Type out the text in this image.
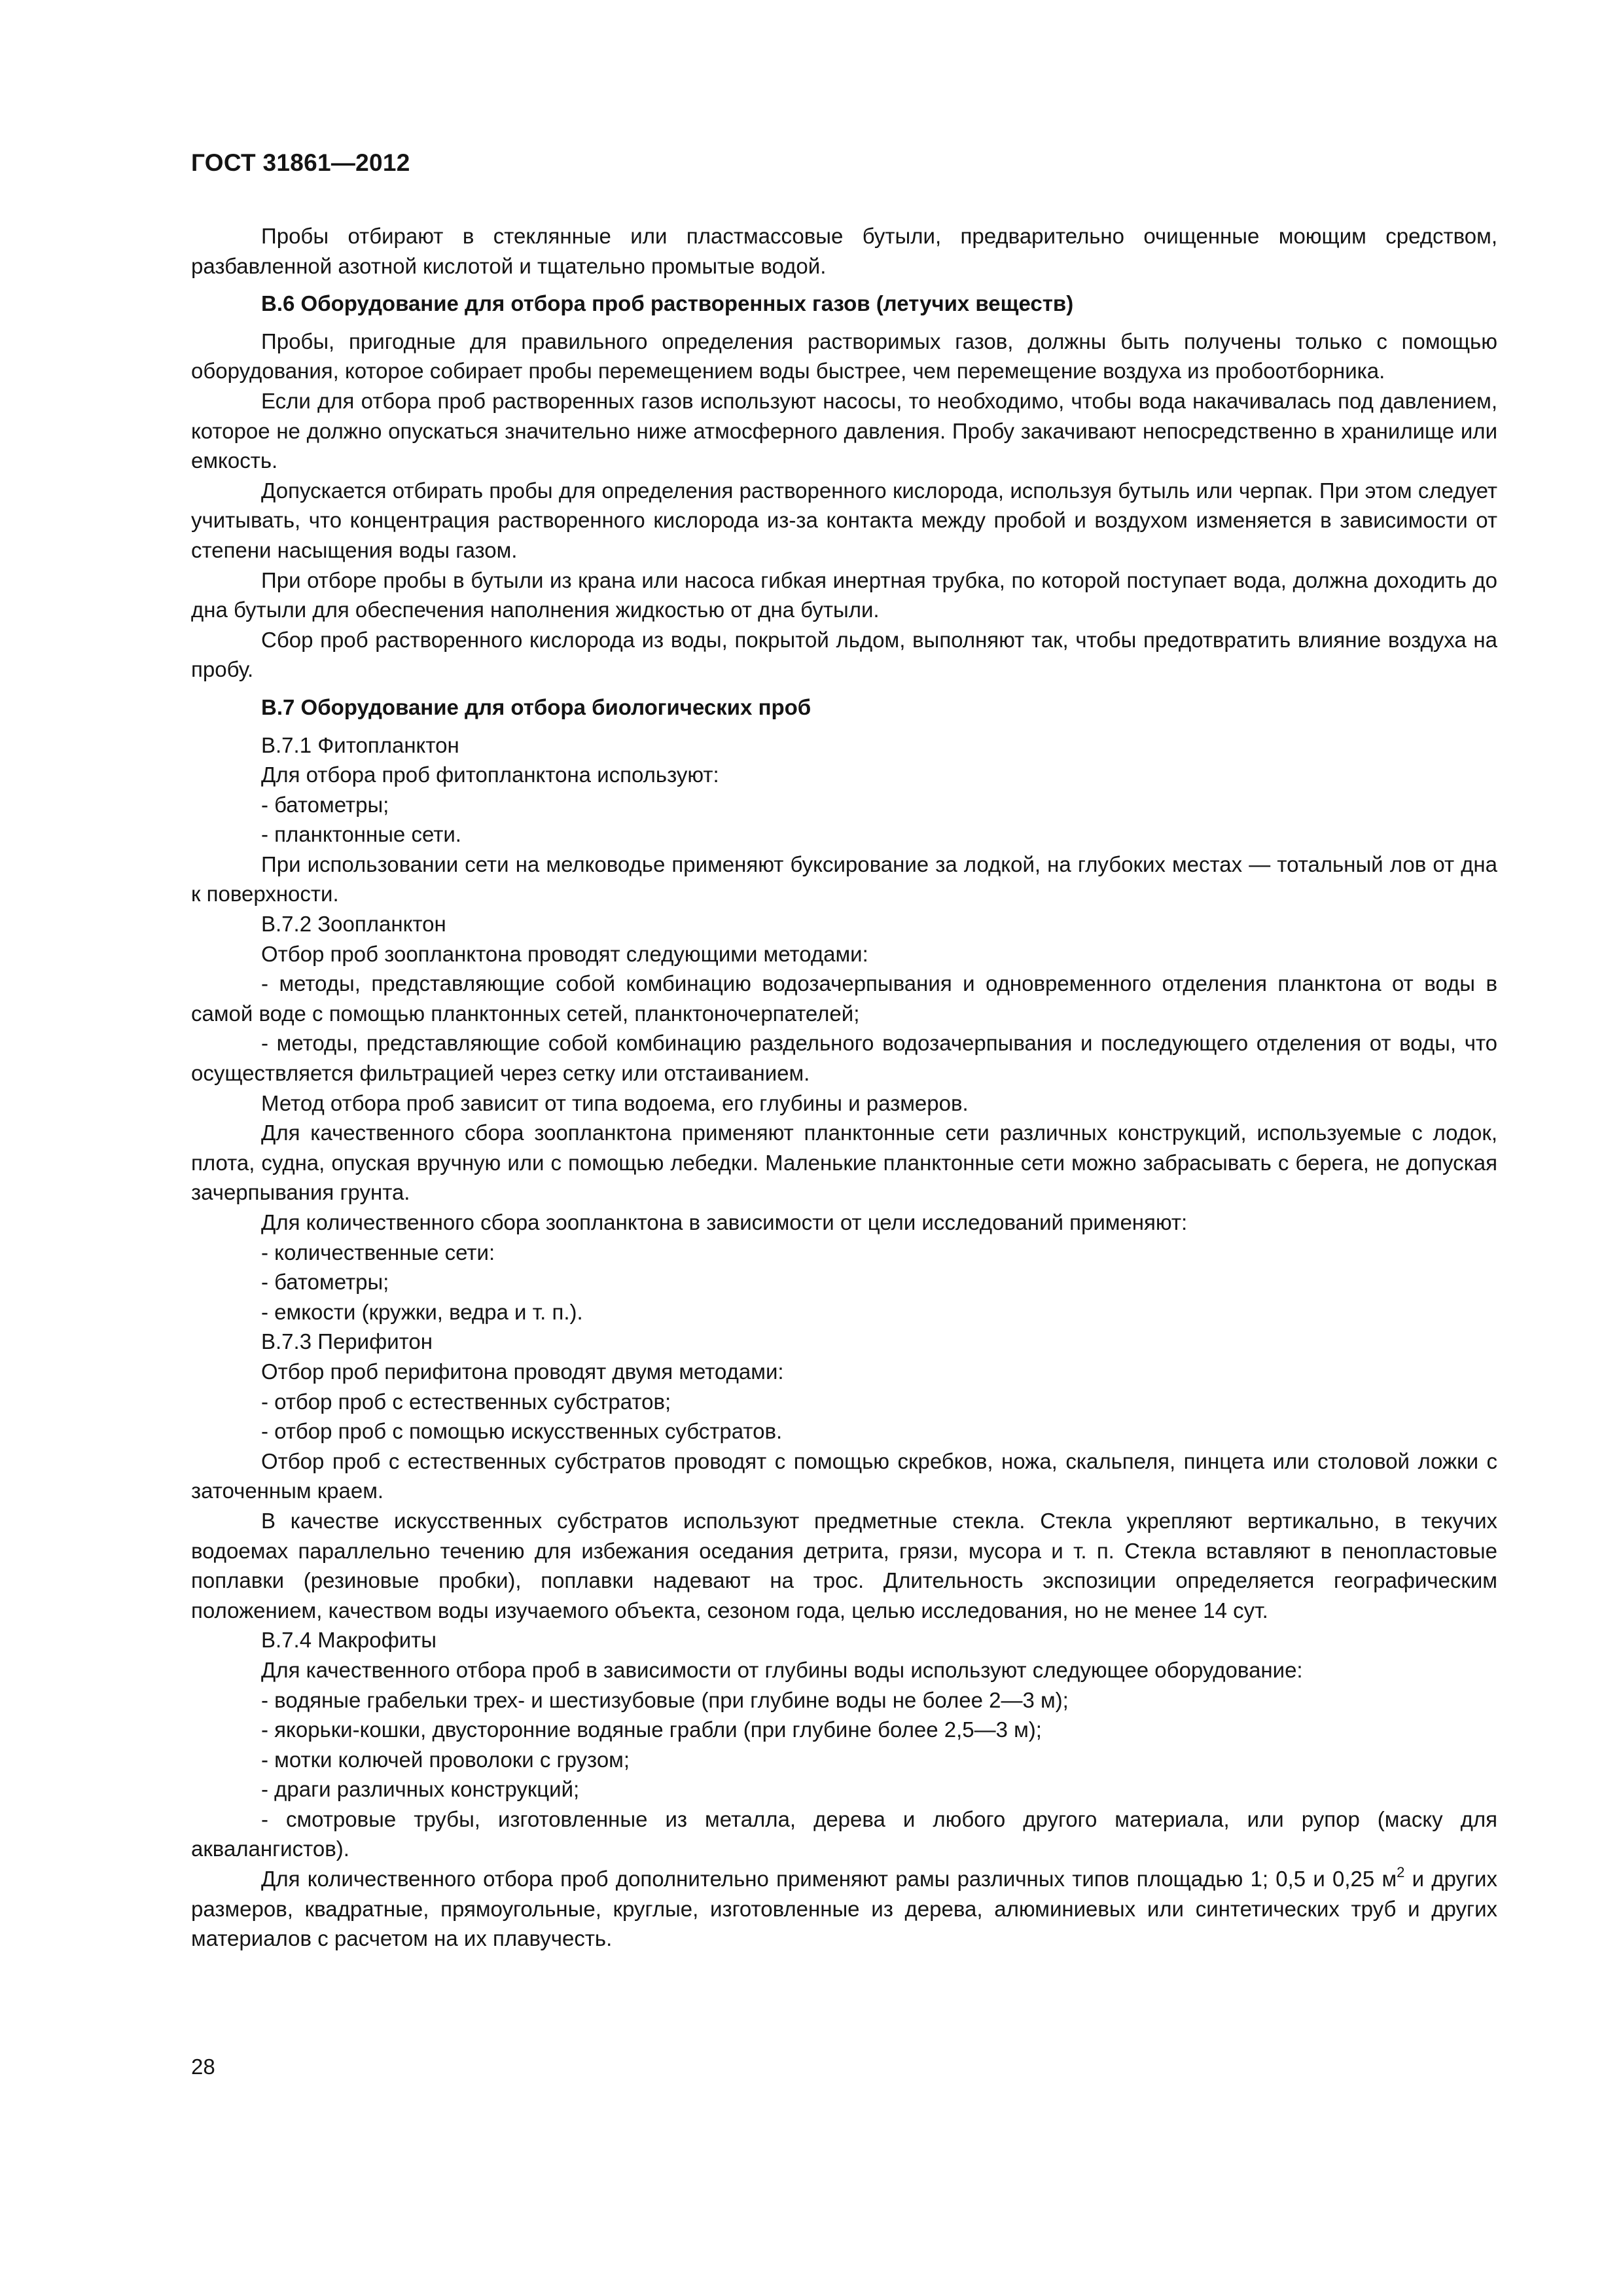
ГОСТ 31861—2012

Пробы отбирают в стеклянные или пластмассовые бутыли, предварительно очищенные моющим средством, разбавленной азотной кислотой и тщательно промытые водой.

В.6 Оборудование для отбора проб растворенных газов (летучих веществ)

Пробы, пригодные для правильного определения растворимых газов, должны быть получены только с помощью оборудования, которое собирает пробы перемещением воды быстрее, чем перемещение воздуха из пробоотборника.

Если для отбора проб растворенных газов используют насосы, то необходимо, чтобы вода накачивалась под давлением, которое не должно опускаться значительно ниже атмосферного давления. Пробу закачивают непосредственно в хранилище или емкость.

Допускается отбирать пробы для определения растворенного кислорода, используя бутыль или черпак. При этом следует учитывать, что концентрация растворенного кислорода из-за контакта между пробой и воздухом изменяется в зависимости от степени насыщения воды газом.

При отборе пробы в бутыли из крана или насоса гибкая инертная трубка, по которой поступает вода, должна доходить до дна бутыли для обеспечения наполнения жидкостью от дна бутыли.

Сбор проб растворенного кислорода из воды, покрытой льдом, выполняют так, чтобы предотвратить влияние воздуха на пробу.

В.7 Оборудование для отбора биологических проб

В.7.1 Фитопланктон

Для отбора проб фитопланктона используют:

- батометры;

- планктонные сети.

При использовании сети на мелководье применяют буксирование за лодкой, на глубоких местах — тотальный лов от дна к поверхности.

В.7.2 Зоопланктон

Отбор проб зоопланктона проводят следующими методами:

- методы, представляющие собой комбинацию водозачерпывания и одновременного отделения планктона от воды в самой воде с помощью планктонных сетей, планктоночерпателей;

- методы, представляющие собой комбинацию раздельного водозачерпывания и последующего отделения от воды, что осуществляется фильтрацией через сетку или отстаиванием.

Метод отбора проб зависит от типа водоема, его глубины и размеров.

Для качественного сбора зоопланктона применяют планктонные сети различных конструкций, используемые с лодок, плота, судна, опуская вручную или с помощью лебедки. Маленькие планктонные сети можно забрасывать с берега, не допуская зачерпывания грунта.

Для количественного сбора зоопланктона в зависимости от цели исследований применяют:

- количественные сети:

- батометры;

- емкости (кружки, ведра и т. п.).

В.7.3 Перифитон

Отбор проб перифитона проводят двумя методами:

- отбор проб с естественных субстратов;

- отбор проб с помощью искусственных субстратов.

Отбор проб с естественных субстратов проводят с помощью скребков, ножа, скальпеля, пинцета или столовой ложки с заточенным краем.

В качестве искусственных субстратов используют предметные стекла. Стекла укрепляют вертикально, в текучих водоемах параллельно течению для избежания оседания детрита, грязи, мусора и т. п. Стекла вставляют в пенопластовые поплавки (резиновые пробки), поплавки надевают на трос. Длительность экспозиции определяется географическим положением, качеством воды изучаемого объекта, сезоном года, целью исследования, но не менее 14 сут.

В.7.4 Макрофиты

Для качественного отбора проб в зависимости от глубины воды используют следующее оборудование:

- водяные грабельки трех- и шестизубовые (при глубине воды не более 2—3 м);

- якорьки-кошки, двусторонние водяные грабли (при глубине более 2,5—3 м);

- мотки колючей проволоки с грузом;

- драги различных конструкций;

- смотровые трубы, изготовленные из металла, дерева и любого другого материала, или рупор (маску для аквалангистов).

Для количественного отбора проб дополнительно применяют рамы различных типов площадью 1; 0,5 и 0,25 $м^2$ и других размеров, квадратные, прямоугольные, круглые, изготовленные из дерева, алюминиевых или синтетических труб и других материалов с расчетом на их плавучесть.

28
